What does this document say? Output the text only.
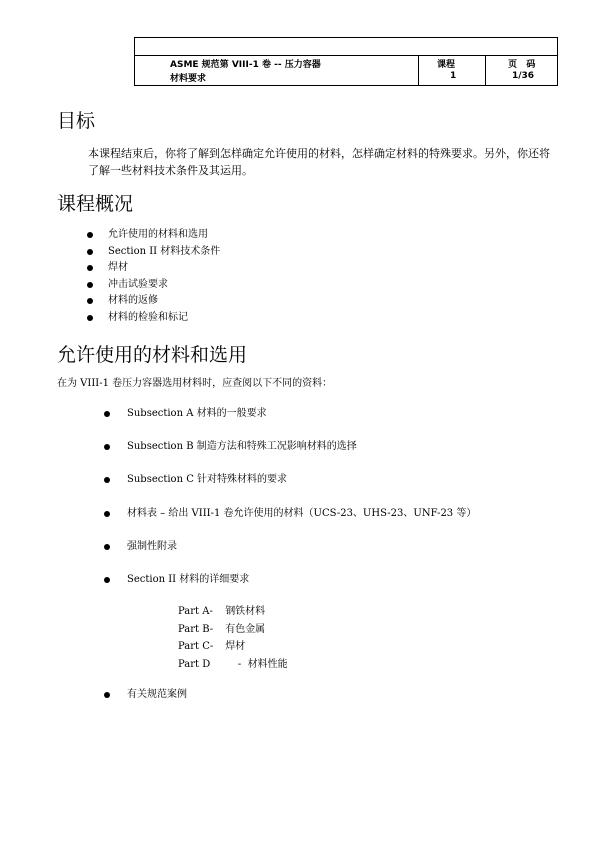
ASME 规范第 VIII-1 卷 -- 压力容器
材料要求
课程
1
页   码
1/36
目标

本课程结束后，你将了解到怎样确定允许使用的材料，怎样确定材料的特殊要求。另外，你还将了解一些材料技术条件及其运用。

课程概况
允许使用的材料和选用
Section II 材料技术条件
焊材
冲击试验要求
材料的返修
材料的检验和标记
允许使用的材料和选用

在为 VIII-1 卷压力容器选用材料时，应查阅以下不同的资料：

Subsection A 材料的一般要求
Subsection B 制造方法和特殊工况影响材料的选择
Subsection C 针对特殊材料的要求
材料表 – 给出 VIII-1 卷允许使用的材料（UCS-23、UHS-23、UNF-23 等）
强制性附录
Section II 材料的详细要求
有关规范案例
Part A- 钢铁材料
Part B- 有色金属
Part C- 焊材
Part D     -  材料性能
